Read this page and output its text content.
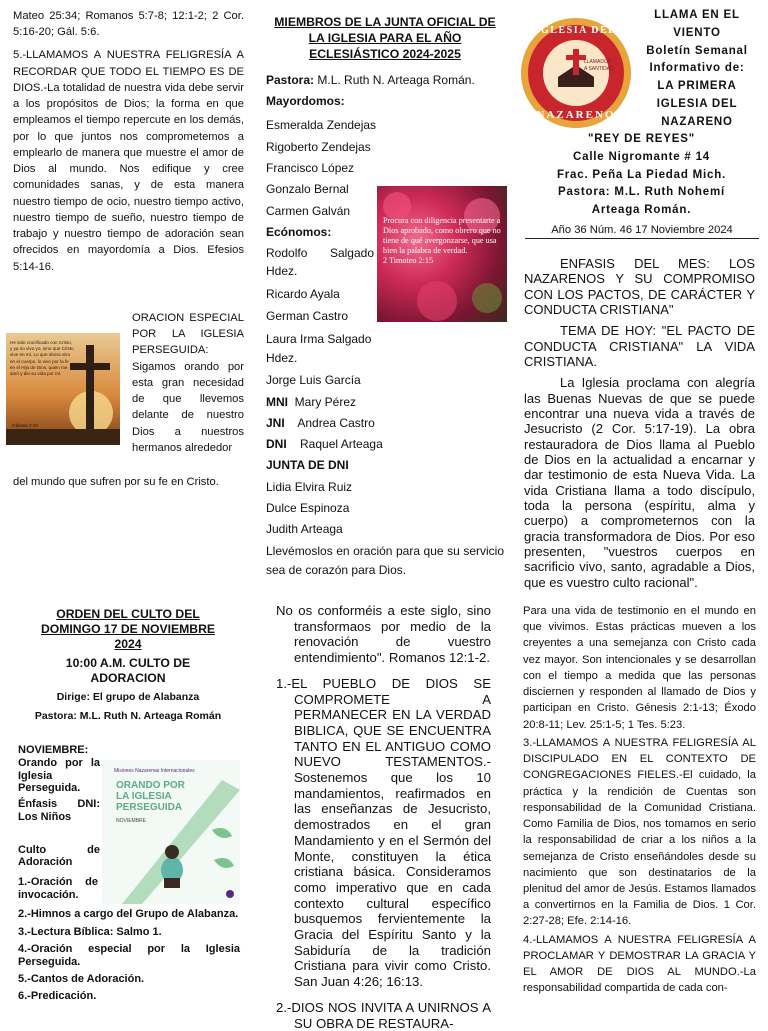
Mateo 25:34; Romanos 5:7-8; 12:1-2; 2 Cor. 5:16-20; Gál. 5:6.

5.-LLAMAMOS A NUESTRA FELIGRESÍA A RECORDAR QUE TODO EL TIEMPO ES DE DIOS.-La totalidad de nuestra vida debe servir a los propósitos de Dios; la forma en que empleamos el tiempo repercute en los demás, por lo que juntos nos comprometemos a emplearlo de manera que muestre el amor de Dios al mundo. Nos edifique y cree comunidades sanas, y de esta manera nuestro tiempo de ocio, nuestro tiempo activo, nuestro tiempo de sueño, nuestro tiempo de trabajo y nuestro tiempo de adoración sean ofrecidos en mayordomía a Dios. Efesios 5:14-16.

He sido crucificado con Cristo, y ya no vivo yo, sino que Cristo vive en mí. Lo que ahora vivo en el cuerpo, lo vivo por la fe en el Hijo de Dios, quien me amó y dio su vida por mí.
Gálatas 2:20

ORACION ESPECIAL POR LA IGLESIA PERSEGUIDA: Sigamos orando por esta gran necesidad de que llevemos delante de nuestro Dios a nuestros hermanos alrededor

del mundo que sufren por su fe en Cristo.

MIEMBROS DE LA JUNTA OFICIAL DE LA IGLESIA PARA EL AÑO ECLESIÁSTICO 2024-2025
Pastora: M.L. Ruth N. Arteaga Román.
Mayordomos:
Esmeralda Zendejas
Rigoberto Zendejas
Francisco López
Gonzalo Bernal
Carmen Galván
Ecónomos:
Rodolfo Salgado Hdez.
Ricardo Ayala
German Castro
Laura Irma Salgado Hdez.
Jorge Luis García
MNI Mary Pérez
JNI Andrea Castro
DNI Raquel Arteaga
JUNTA DE DNI
Lidia Elvira Ruiz
Dulce Espinoza
Judith Arteaga
Llevémoslos en oración para que su servicio sea de corazón para Dios.
Procura con diligencia presentarte a Dios aprobado, como obrero que no tiene de qué avergonzarse, que usa bien la palabra de verdad.
2 Timoteo 2:15
IGLESIA DEL
LLAMADOS
A SANTIDAD
NAZARENO
LLAMA EN EL
VIENTO
Boletín Semanal
Informativo de:
LA PRIMERA
IGLESIA DEL
NAZARENO
"REY DE REYES"
Calle Nigromante # 14
Frac. Peña La Piedad Mich.
Pastora: M.L. Ruth Nohemí Arteaga Román.
Año 36 Núm. 46 17 Noviembre 2024
ENFASIS DEL MES: LOS NAZARENOS Y SU COMPROMISO CON LOS PACTOS, DE CARÁCTER Y CONDUCTA CRISTIANA"
TEMA DE HOY: "EL PACTO DE CONDUCTA CRISTIANA" LA VIDA CRISTIANA.
La Iglesia proclama con alegría las Buenas Nuevas de que se puede encontrar una nueva vida a través de Jesucristo (2 Cor. 5:17-19). La obra restauradora de Dios llama al Pueblo de Dios en la actualidad a encarnar y dar testimonio de esta Nueva Vida. La vida Cristiana llama a todo discípulo, toda la persona (espíritu, alma y cuerpo) a comprometernos con la gracia transformadora de Dios. Por eso presenten, "vuestros cuerpos en sacrificio vivo, santo, agradable a Dios, que es vuestro culto racional".
ORDEN DEL CULTO DEL DOMINGO 17 DE NOVIEMBRE 2024
10:00 A.M. CULTO DE ADORACION
Dirige: El grupo de Alabanza
Pastora: M.L. Ruth N. Arteaga Román
NOVIEMBRE: Orando por la Iglesia Perseguida.
Énfasis DNI: Los Niños
Culto de Adoración
Misiones Nazarenas Internacionales
ORANDO POR
LA IGLESIA
PERSEGUIDA
NOVIEMBRE
1.-Oración de invocación.
2.-Himnos a cargo del Grupo de Alabanza.
3.-Lectura Bíblica: Salmo 1.
4.-Oración especial por la Iglesia Perseguida.
5.-Cantos de Adoración.
6.-Predicación.
No os conforméis a este siglo, sino transformaos por medio de la renovación de vuestro entendimiento". Romanos 12:1-2.
1.-EL PUEBLO DE DIOS SE COMPROMETE A PERMANECER EN LA VERDAD BIBLICA, QUE SE ENCUENTRA TANTO EN EL ANTIGUO COMO NUEVO TESTAMENTOS.-Sostenemos que los 10 mandamientos, reafirmados en las enseñanzas de Jesucristo, demostrados en el gran Mandamiento y en el Sermón del Monte, constituyen la ética cristiana básica. Consideramos como imperativo que en cada contexto cultural específico busquemos fervientemente la Gracia del Espíritu Santo y la Sabiduría de la tradición Cristiana para vivir como Cristo. San Juan 4:26; 16:13.
2.-DIOS NOS INVITA A UNIRNOS A SU OBRA DE RESTAURA-

Para una vida de testimonio en el mundo en que vivimos. Estas prácticas mueven a los creyentes a una semejanza con Cristo cada vez mayor. Son intencionales y se desarrollan con el tiempo a medida que las personas disciernen y responden al llamado de Dios y participan en Cristo. Génesis 2:1-13; Éxodo 20:8-11; Lev. 25:1-5; 1 Tes. 5:23.

3.-LLAMAMOS A NUESTRA FELIGRESÍA AL DISCIPULADO EN EL CONTEXTO DE CONGREGACIONES FIELES.-El cuidado, la práctica y la rendición de Cuentas son responsabilidad de la Comunidad Cristiana. Como Familia de Dios, nos tomamos en serio la responsabilidad de criar a los niños a la semejanza de Cristo enseñándoles desde su nacimiento que son destinatarios de la plenitud del amor de Jesús. Estamos llamados a convertirnos en la Familia de Dios. 1 Cor. 2:27-28; Efe. 2:14-16.

4.-LLAMAMOS A NUESTRA FELIGRESÍA A PROCLAMAR Y DEMOSTRAR LA GRACIA Y EL AMOR DE DIOS AL MUNDO.-La responsabilidad compartida de cada con-
